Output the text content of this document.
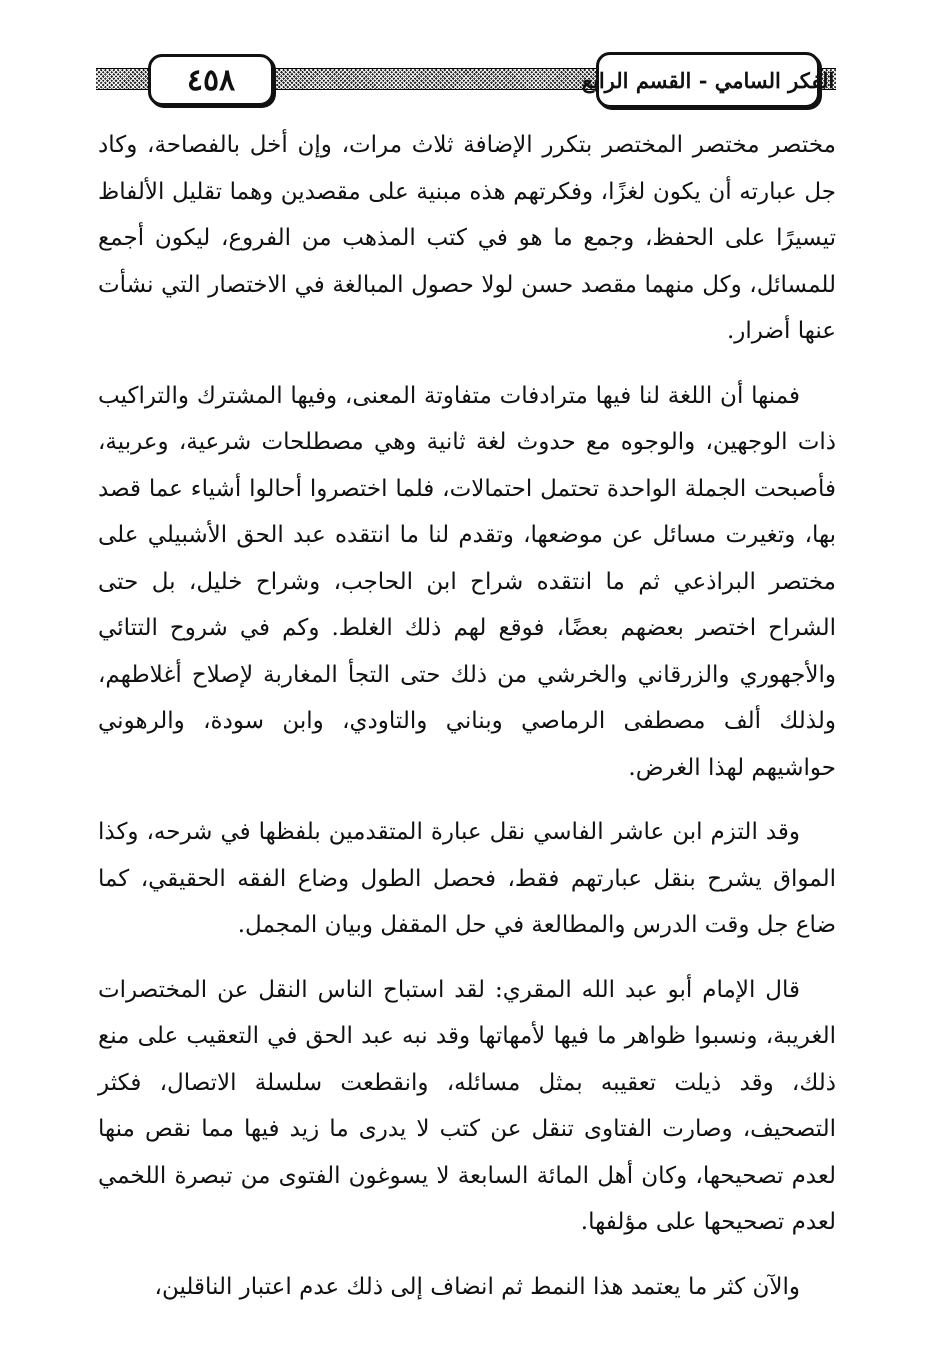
٤٥٨	الفكر السامي - القسم الرابع

مختصر مختصر المختصر بتكرر الإضافة ثلاث مرات، وإن أخل بالفصاحة، وكاد جل عبارته أن يكون لغزًا، وفكرتهم هذه مبنية على مقصدين وهما تقليل الألفاظ تيسيرًا على الحفظ، وجمع ما هو في كتب المذهب من الفروع، ليكون أجمع للمسائل، وكل منهما مقصد حسن لولا حصول المبالغة في الاختصار التي نشأت عنها أضرار.

فمنها أن اللغة لنا فيها مترادفات متفاوتة المعنى، وفيها المشترك والتراكيب ذات الوجهين، والوجوه مع حدوث لغة ثانية وهي مصطلحات شرعية، وعربية، فأصبحت الجملة الواحدة تحتمل احتمالات، فلما اختصروا أحالوا أشياء عما قصد بها، وتغيرت مسائل عن موضعها، وتقدم لنا ما انتقده عبد الحق الأشبيلي على مختصر البراذعي ثم ما انتقده شراح ابن الحاجب، وشراح خليل، بل حتى الشراح اختصر بعضهم بعضًا، فوقع لهم ذلك الغلط. وكم في شروح التتائي والأجهوري والزرقاني والخرشي من ذلك حتى التجأ المغاربة لإصلاح أغلاطهم، ولذلك ألف مصطفى الرماصي وبناني والتاودي، وابن سودة، والرهوني حواشيهم لهذا الغرض.

وقد التزم ابن عاشر الفاسي نقل عبارة المتقدمين بلفظها في شرحه، وكذا المواق يشرح بنقل عبارتهم فقط، فحصل الطول وضاع الفقه الحقيقي، كما ضاع جل وقت الدرس والمطالعة في حل المقفل وبيان المجمل.

قال الإمام أبو عبد الله المقري: لقد استباح الناس النقل عن المختصرات الغريبة، ونسبوا ظواهر ما فيها لأمهاتها وقد نبه عبد الحق في التعقيب على منع ذلك، وقد ذيلت تعقيبه بمثل مسائله، وانقطعت سلسلة الاتصال، فكثر التصحيف، وصارت الفتاوى تنقل عن كتب لا يدرى ما زيد فيها مما نقص منها لعدم تصحيحها، وكان أهل المائة السابعة لا يسوغون الفتوى من تبصرة اللخمي لعدم تصحيحها على مؤلفها.

والآن كثر ما يعتمد هذا النمط ثم انضاف إلى ذلك عدم اعتبار الناقلين،
